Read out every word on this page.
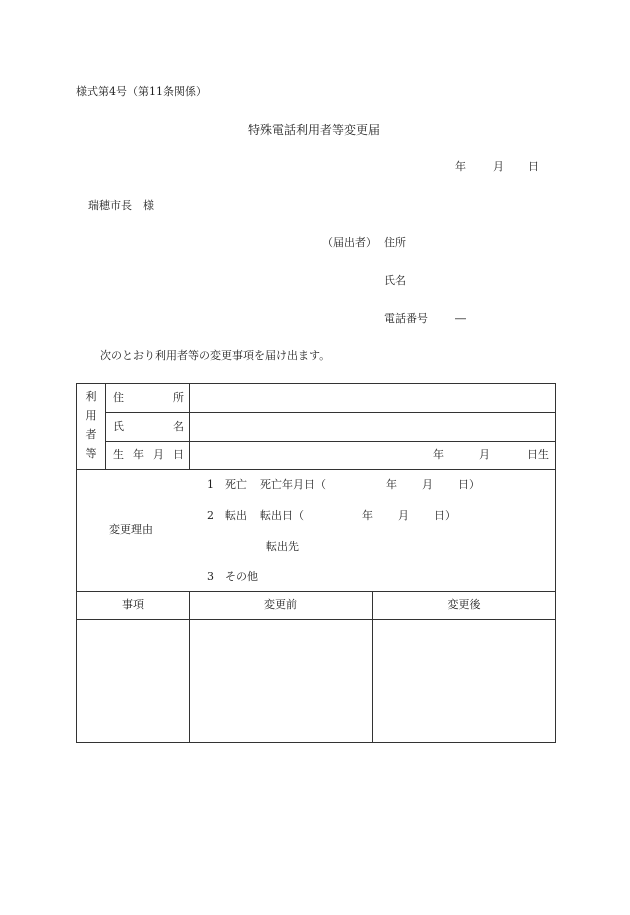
様式第4号（第11条関係）
特殊電話利用者等変更届
年 月 日
瑞穂市長　様
（届出者） 住所
氏名
電話番号 ―
次のとおり利用者等の変更事項を届け出ます。
利
用
者
等
住	所
氏	名
生 年 月 日	年	月	日生
変更理由
1 死亡 死亡年月日（	年 月 日）
2 転出 転出日（	年 月 日）
転出先
3 その他
事項	変更前	変更後
